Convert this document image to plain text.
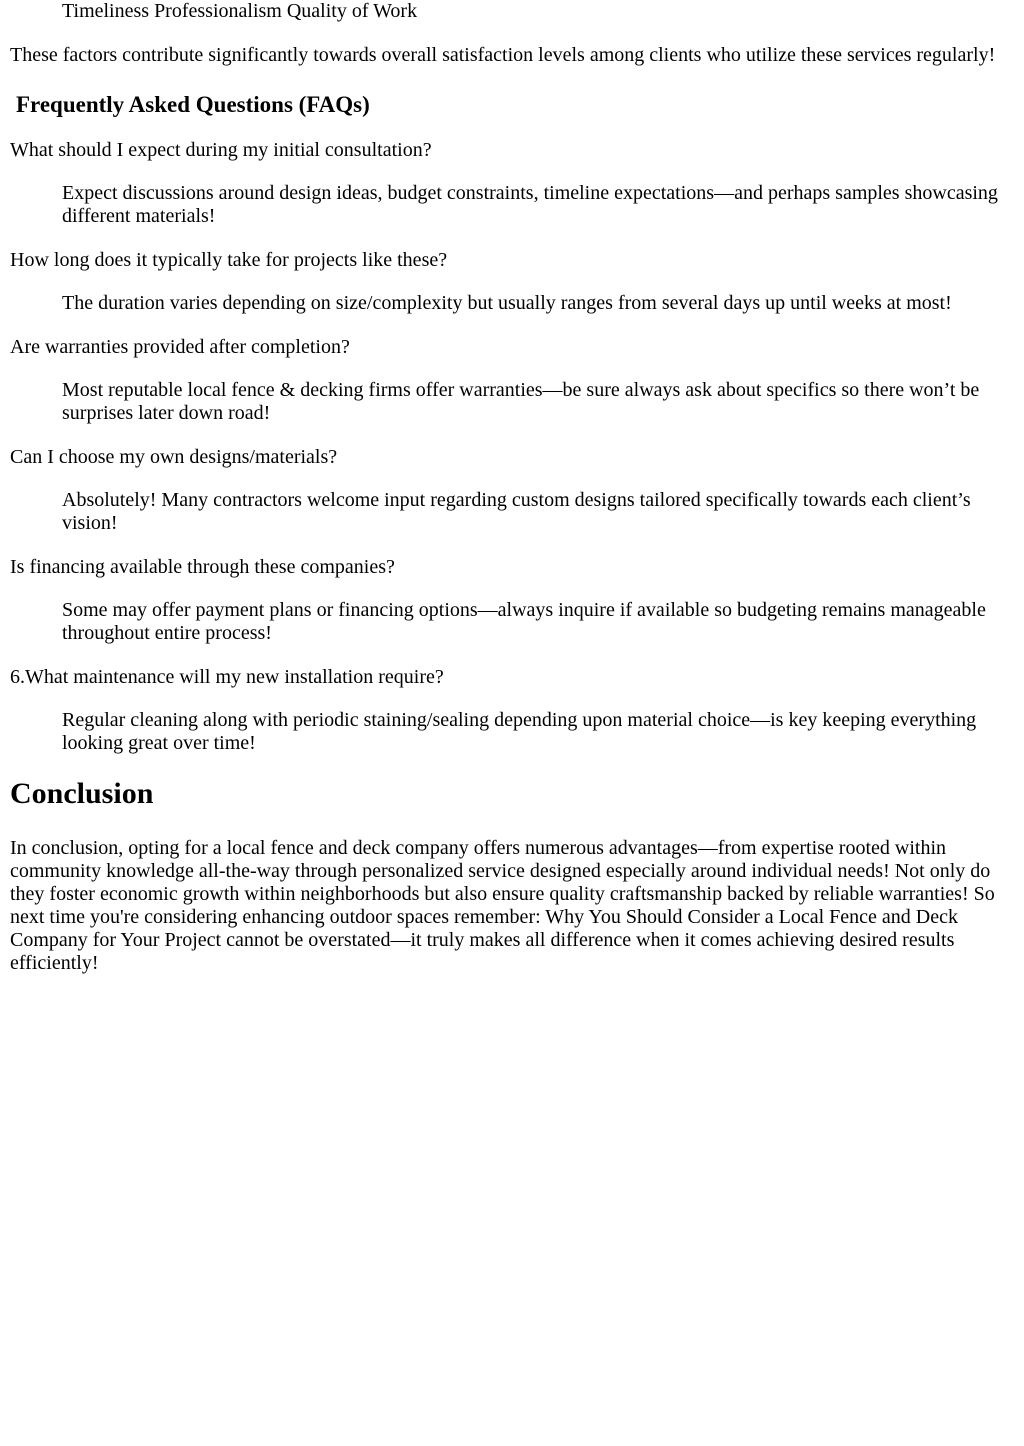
Timeliness Professionalism Quality of Work

These factors contribute significantly towards overall satisfaction levels among clients who utilize these services regularly!

Frequently Asked Questions (FAQs)
What should I expect during my initial consultation?
Expect discussions around design ideas, budget constraints, timeline expectations—and perhaps samples showcasing different materials!
How long does it typically take for projects like these?
The duration varies depending on size/complexity but usually ranges from several days up until weeks at most!
Are warranties provided after completion?
Most reputable local fence & decking firms offer warranties—be sure always ask about specifics so there won’t be surprises later down road!
Can I choose my own designs/materials?
Absolutely! Many contractors welcome input regarding custom designs tailored specifically towards each client’s vision!
Is financing available through these companies?
Some may offer payment plans or financing options—always inquire if available so budgeting remains manageable throughout entire process!
6.What maintenance will my new installation require?
Regular cleaning along with periodic staining/sealing depending upon material choice—is key keeping everything looking great over time!
Conclusion

In conclusion, opting for a local fence and deck company offers numerous advantages—from expertise rooted within community knowledge all-the-way through personalized service designed especially around individual needs! Not only do they foster economic growth within neighborhoods but also ensure quality craftsmanship backed by reliable warranties! So next time you're considering enhancing outdoor spaces remember: Why You Should Consider a Local Fence and Deck Company for Your Project cannot be overstated—it truly makes all difference when it comes achieving desired results efficiently!
